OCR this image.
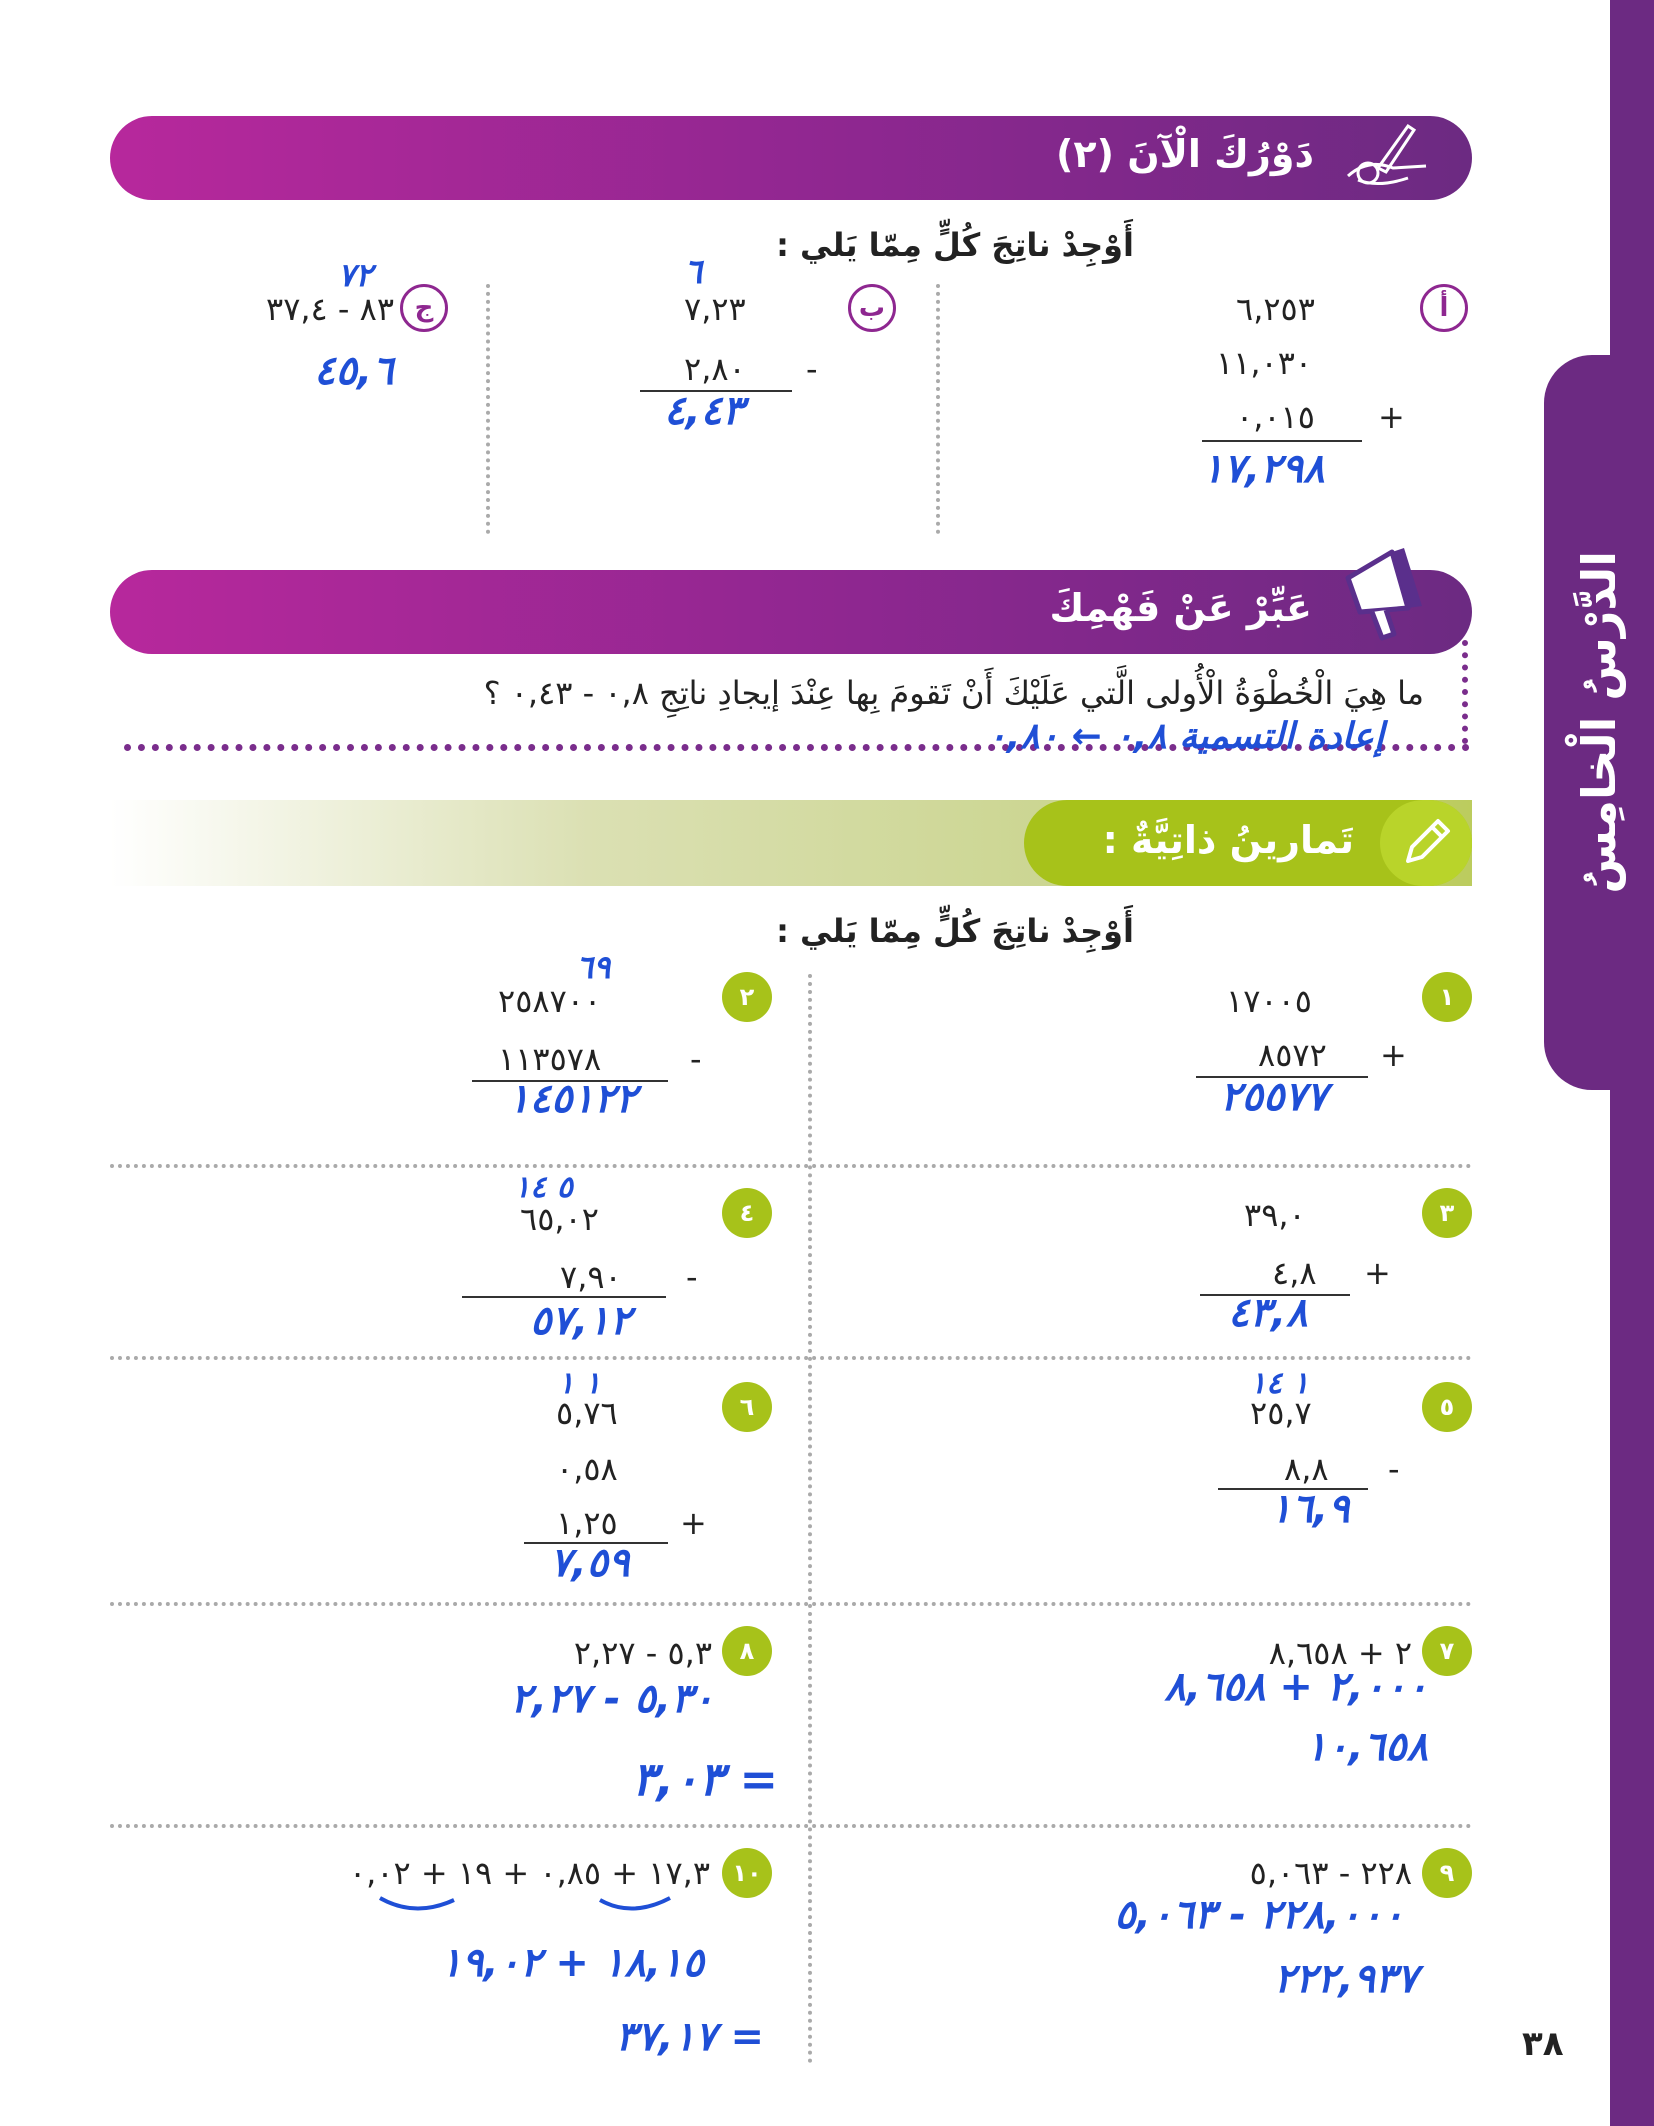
الدَّرْسُ الْخامِسُ
دَوْرُكَ الْآنَ (٢)
أَوْجِدْ ناتِجَ كُلٍّ مِمّا يَلي :
أ
٦,٢٥٣
١١,٠٣٠
٠,٠١٥ +
١٧,٢٩٨
ب
٦
٧,٢٣
٢,٨٠ -
٤,٤٣
ج
٧٢
٨٣ - ٣٧,٤
٤٥,٦
عَبِّرْ عَنْ فَهْمِكَ
ما هِيَ الْخُطْوَةُ الْأُولى الَّتي عَلَيْكَ أَنْ تَقومَ بِها عِنْدَ إيجادِ ناتِجِ ٠,٨ - ٠,٤٣ ؟
إعادة التسمية ٠,٨ ← ٠,٨٠
تَمارينُ ذاتِيَّةٌ :
أَوْجِدْ ناتِجَ كُلٍّ مِمّا يَلي :
١
١٧٠٠٥
٨٥٧٢ +
٢٥٥٧٧
٢
٦٩
٢٥٨٧٠٠
١١٣٥٧٨	-
١٤٥١٢٢
٣
٣٩,٠
٤,٨ +
٤٣,٨
٤
٥ ١٤
٦٥,٠٢
٧,٩٠ -
٥٧,١٢
٥
١ ١٤
٢٥,٧
٨,٨ -
١٦,٩
٦
١ ١
٥,٧٦
٠,٥٨
١,٢٥ +
٧,٥٩
٧
٢ + ٨,٦٥٨
٢,٠٠٠ + ٨,٦٥٨
١٠,٦٥٨
٨
٥,٣ - ٢,٢٧
٥,٣٠ - ٢,٢٧
= ٣,٠٣
٩
٢٢٨ - ٥,٠٦٣
٢٢٨,٠٠٠ - ٥,٠٦٣
٢٢٢,٩٣٧
١٠
١٧,٣ + ٠,٨٥ + ١٩ + ٠,٠٢
١٨,١٥ + ١٩,٠٢
= ٣٧,١٧	٣٨
